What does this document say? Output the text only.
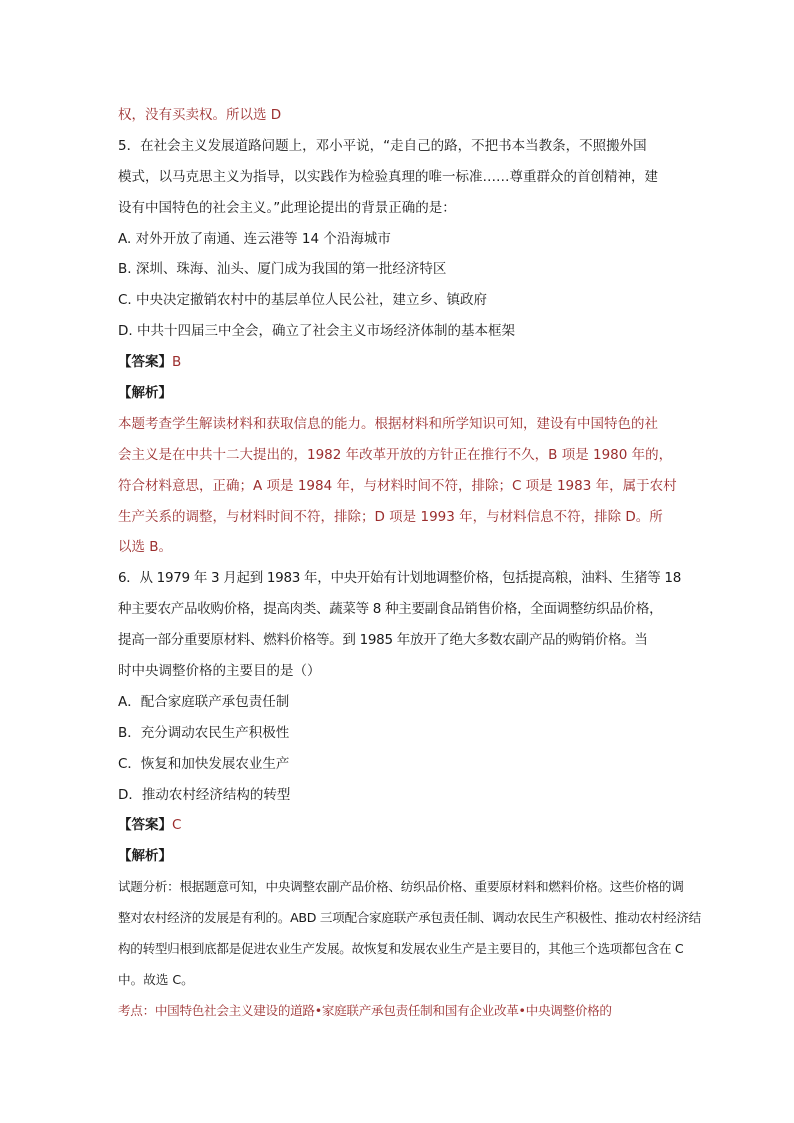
权，没有买卖权。所以选 D
5．在社会主义发展道路问题上，邓小平说，“走自己的路，不把书本当教条，不照搬外国
模式，以马克思主义为指导，以实践作为检验真理的唯一标准……尊重群众的首创精神，建
设有中国特色的社会主义。”此理论提出的背景正确的是：
A. 对外开放了南通、连云港等 14 个沿海城市
B. 深圳、珠海、汕头、厦门成为我国的第一批经济特区
C. 中央决定撤销农村中的基层单位人民公社，建立乡、镇政府
D. 中共十四届三中全会，确立了社会主义市场经济体制的基本框架
【答案】B
【解析】
本题考查学生解读材料和获取信息的能力。根据材料和所学知识可知，建设有中国特色的社
会主义是在中共十二大提出的，1982 年改革开放的方针正在推行不久，B 项是 1980 年的，
符合材料意思，正确；A 项是 1984 年，与材料时间不符，排除；C 项是 1983 年，属于农村
生产关系的调整，与材料时间不符，排除；D 项是 1993 年，与材料信息不符，排除 D。所
以选 B。
6．从 1979 年 3 月起到 1983 年，中央开始有计划地调整价格，包括提高粮，油料、生猪等 18
种主要农产品收购价格，提高肉类、蔬菜等 8 种主要副食品销售价格，全面调整纺织品价格，
提高一部分重要原材料、燃料价格等。到 1985 年放开了绝大多数农副产品的购销价格。当
时中央调整价格的主要目的是（）
A．配合家庭联产承包责任制
B．充分调动农民生产积极性
C．恢复和加快发展农业生产
D．推动农村经济结构的转型
【答案】C
【解析】
试题分析：根据题意可知，中央调整农副产品价格、纺织品价格、重要原材料和燃料价格。这些价格的调
整对农村经济的发展是有利的。ABD 三项配合家庭联产承包责任制、调动农民生产积极性、推动农村经济结
构的转型归根到底都是促进农业生产发展。故恢复和发展农业生产是主要目的，其他三个选项都包含在 C
中。故选 C。
考点：中国特色社会主义建设的道路•家庭联产承包责任制和国有企业改革•中央调整价格的
